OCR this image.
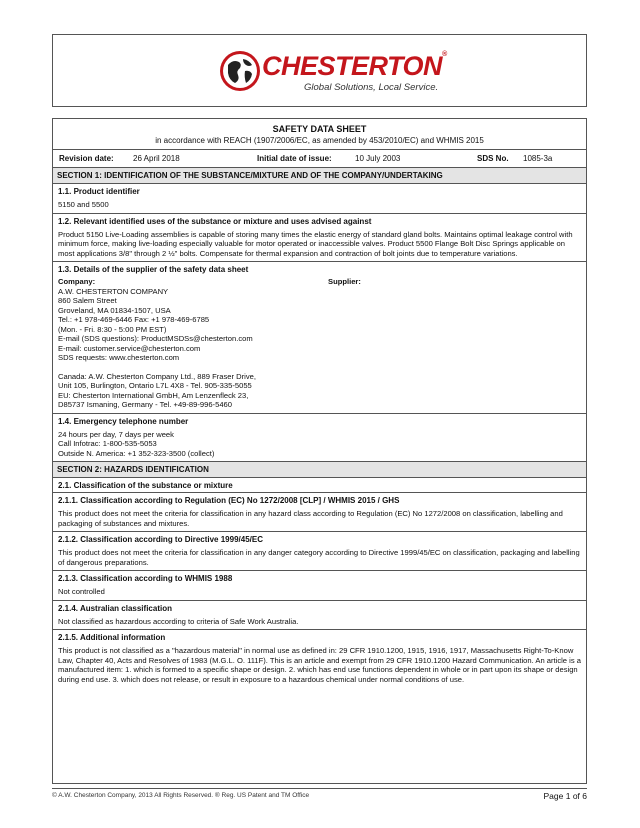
CHESTERTON®
Global Solutions, Local Service.
SAFETY DATA SHEET
in accordance with REACH (1907/2006/EC, as amended by 453/2010/EC) and WHMIS 2015
Revision date:	26 April 2018	Initial date of issue:	10 July 2003	SDS No.	1085-3a
SECTION 1: IDENTIFICATION OF THE SUBSTANCE/MIXTURE AND OF THE COMPANY/UNDERTAKING
1.1. Product identifier
5150 and 5500
1.2. Relevant identified uses of the substance or mixture and uses advised against
Product 5150 Live-Loading assemblies is capable of storing many times the elastic energy of standard gland bolts. Maintains optimal leakage control with minimum force, making live-loading especially valuable for motor operated or inaccessible valves. Product 5500 Flange Bolt Disc Springs applicable on most applications 3/8" through 2 ½" bolts. Compensate for thermal expansion and contraction of bolt joints due to temperature variations.
1.3. Details of the supplier of the safety data sheet
Company:
A.W. CHESTERTON COMPANY
860 Salem Street
Groveland, MA 01834-1507, USA
Tel.: +1 978-469-6446 Fax: +1 978-469-6785
(Mon. - Fri. 8:30 - 5:00 PM EST)
E-mail (SDS questions): ProductMSDSs@chesterton.com
E-mail: customer.service@chesterton.com
SDS requests: www.chesterton.com
Canada: A.W. Chesterton Company Ltd., 889 Fraser Drive,
Unit 105, Burlington, Ontario L7L 4X8 - Tel. 905-335-5055
EU: Chesterton International GmbH, Am Lenzenfleck 23,
D85737 Ismaning, Germany - Tel. +49-89-996-5460
Supplier:
1.4. Emergency telephone number
24 hours per day, 7 days per week
Call Infotrac: 1-800-535-5053
Outside N. America: +1 352-323-3500 (collect)
SECTION 2: HAZARDS IDENTIFICATION
2.1. Classification of the substance or mixture
2.1.1. Classification according to Regulation (EC) No 1272/2008 [CLP] / WHMIS 2015 / GHS
This product does not meet the criteria for classification in any hazard class according to Regulation (EC) No 1272/2008 on classification, labelling and packaging of substances and mixtures.
2.1.2. Classification according to Directive 1999/45/EC
This product does not meet the criteria for classification in any danger category according to Directive 1999/45/EC on classification, packaging and labelling of dangerous preparations.
2.1.3. Classification according to WHMIS 1988
Not controlled
2.1.4. Australian classification
Not classified as hazardous according to criteria of Safe Work Australia.
2.1.5. Additional information
This product is not classified as a "hazardous material" in normal use as defined in: 29 CFR 1910.1200, 1915, 1916, 1917, Massachusetts Right-To-Know Law, Chapter 40, Acts and Resolves of 1983 (M.G.L. O. 111F). This is an article and exempt from 29 CFR 1910.1200 Hazard Communication. An article is a manufactured item: 1. which is formed to a specific shape or design. 2. which has end use functions dependent in whole or in part upon its shape or design during end use. 3. which does not release, or result in exposure to a hazardous chemical under normal conditions of use.
© A.W. Chesterton Company, 2013 All Rights Reserved. ® Reg. US Patent and TM Office	Page 1 of 6
